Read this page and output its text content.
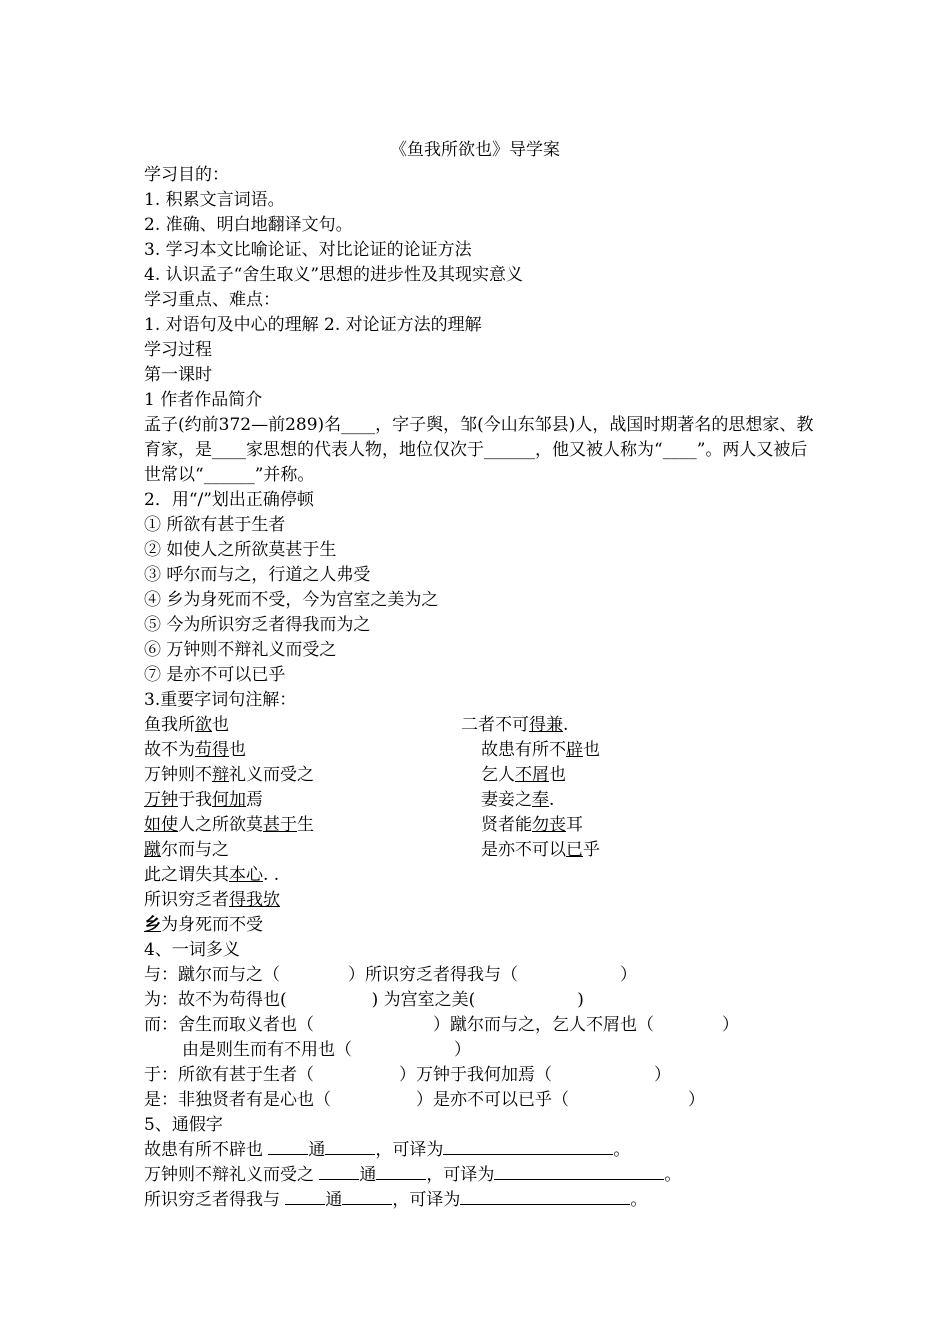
《鱼我所欲也》导学案
学习目的：
1. 积累文言词语。
2. 准确、明白地翻译文句。
3. 学习本文比喻论证、对比论证的论证方法
4. 认识孟子“舍生取义”思想的进步性及其现实意义
学习重点、难点：
1. 对语句及中心的理解 2. 对论证方法的理解
学习过程
第一课时
1 作者作品简介
孟子(约前372—前289)名____，字子舆，邹(今山东邹县)人，战国时期著名的思想家、教育家，是____家思想的代表人物，地位仅次于______，他又被人称为“____”。两人又被后世常以“______”并称。
2．用“/”划出正确停顿
① 所欲有甚于生者
② 如使人之所欲莫甚于生
③ 呼尔而与之，行道之人弗受
④ 乡为身死而不受，今为宫室之美为之
⑤ 今为所识穷乏者得我而为之
⑥ 万钟则不辩礼义而受之
⑦ 是亦不可以已乎
3.重要字词句注解：
鱼我所欲也	二者不可得兼.
故不为苟得也	故患有所不辟也
万钟则不辩礼义而受之	乞人不屑也
万钟于我何加焉	妻妾之奉.
如使人之所欲莫甚于生	贤者能勿丧耳
蹴尔而与之	是亦不可以已乎
此之谓失其本心. .
所识穷乏者得我欤
乡为身死而不受
4、一词多义
与：蹴尔而与之（　　　　）所识穷乏者得我与（　　　　　　）
为：故不为苟得也(　　　　　) 为宫室之美(　　　　　　)
而：舍生而取义者也（　　　　　　　）蹴尔而与之，乞人不屑也（　　　　）
由是则生而有不用也（　　　　　　）
于：所欲有甚于生者（　　　　　）万钟于我何加焉（　　　　　　）
是：非独贤者有是心也（　　　　　）是亦不可以已乎（　　　　　　　）
5、通假字
故患有所不辟也	通	，可译为	。
万钟则不辩礼义而受之	通	，可译为	。
所识穷乏者得我与	通	，可译为	。
